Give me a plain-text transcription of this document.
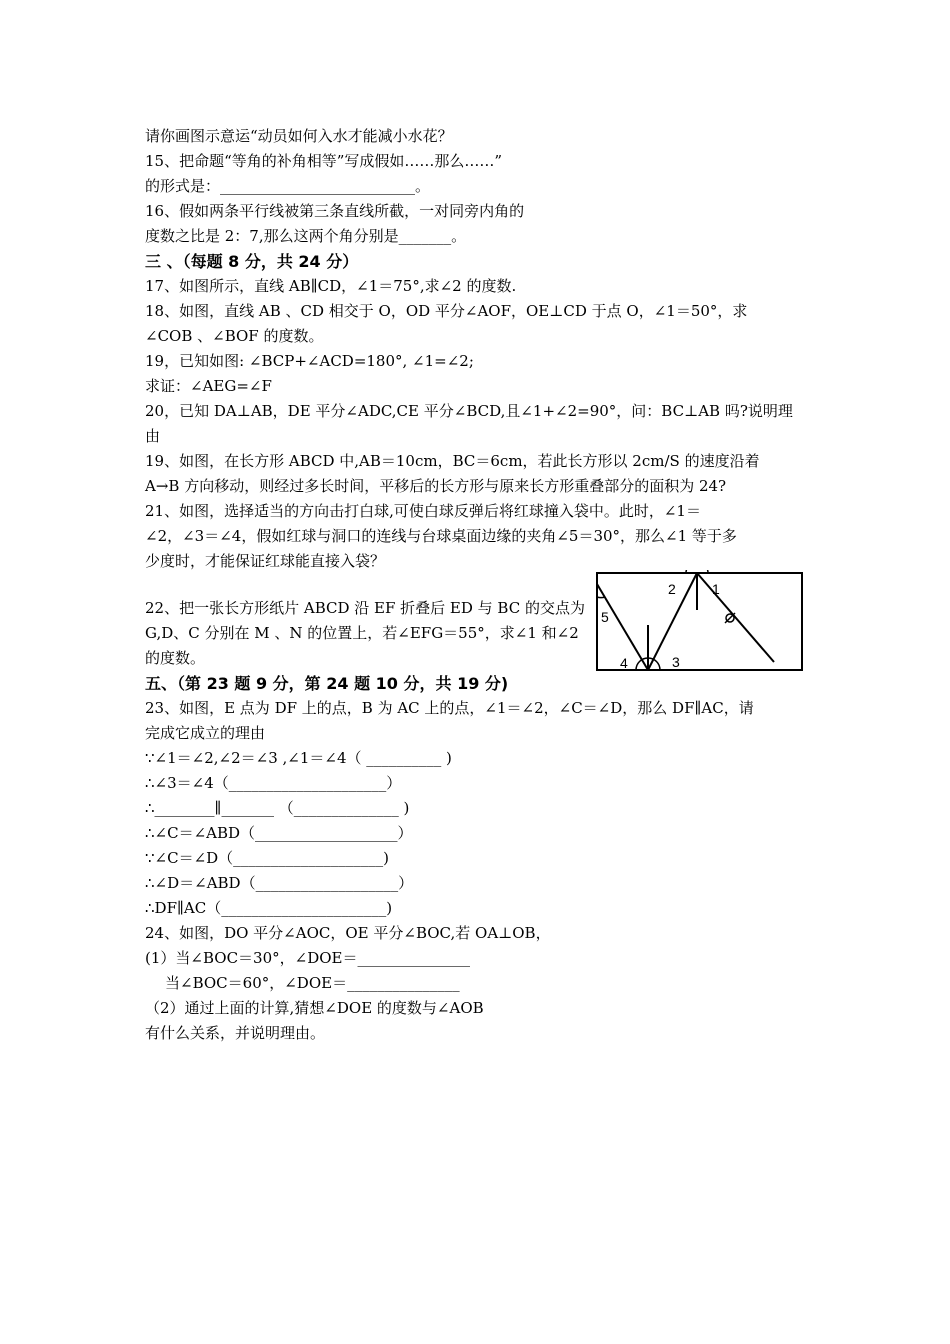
请你画图示意运“动员如何入水才能减小水花？
15、把命题“等角的补角相等”写成假如……那么……”
的形式是：__________________________。
16、假如两条平行线被第三条直线所截，一对同旁内角的
度数之比是 2：7,那么这两个角分别是_______。
三 、（每题 8 分，共 24 分）
17、如图所示，直线 AB∥CD，∠1＝75°,求∠2 的度数.
18、如图，直线 AB 、CD 相交于 O，OD 平分∠AOF，OE⊥CD 于点 O，∠1＝50°，求
∠COB 、∠BOF 的度数。
19，已知如图: ∠BCP+∠ACD=180°, ∠1=∠2;
求证：∠AEG=∠F
20，已知 DA⊥AB，DE 平分∠ADC,CE 平分∠BCD,且∠1+∠2=90°，问：BC⊥AB 吗?说明理
由
19、如图，在长方形 ABCD 中,AB＝10cm，BC＝6cm，若此长方形以 2cm/S 的速度沿着
A→B 方向移动，则经过多长时间，平移后的长方形与原来长方形重叠部分的面积为 24?
21、如图，选择适当的方向击打白球,可使白球反弹后将红球撞入袋中。此时，∠1＝
∠2，∠3＝∠4，假如红球与洞口的连线与台球桌面边缘的夹角∠5＝30°，那么∠1 等于多
少度时，才能保证红球能直接入袋？
22、把一张长方形纸片 ABCD 沿 EF 折叠后 ED 与 BC 的交点为 G,D、C 分别在 M 、N 的位置上，若∠EFG＝55°，求∠1 和∠2 的度数。
五、（第 23 题 9 分，第 24 题 10 分，共 19 分)
23、如图，E 点为 DF 上的点，B 为 AC 上的点，∠1＝∠2，∠C＝∠D，那么 DF∥AC，请
完成它成立的理由
∵∠1＝∠2,∠2＝∠3 ,∠1＝∠4（ __________ )
∴∠3＝∠4（_____________________）
∴________∥_______ （______________ )
∴∠C＝∠ABD（___________________）
∵∠C＝∠D（____________________)
∴∠D＝∠ABD（___________________）
∴DF∥AC（______________________)
24、如图，DO 平分∠AOC，OE 平分∠BOC,若 OA⊥OB，
(1）当∠BOC＝30°，∠DOE＝_______________
当∠BOC＝60°，∠DOE＝_______________
（2）通过上面的计算,猜想∠DOE 的度数与∠AOB
有什么关系，并说明理由。
1
2
3
4
5
